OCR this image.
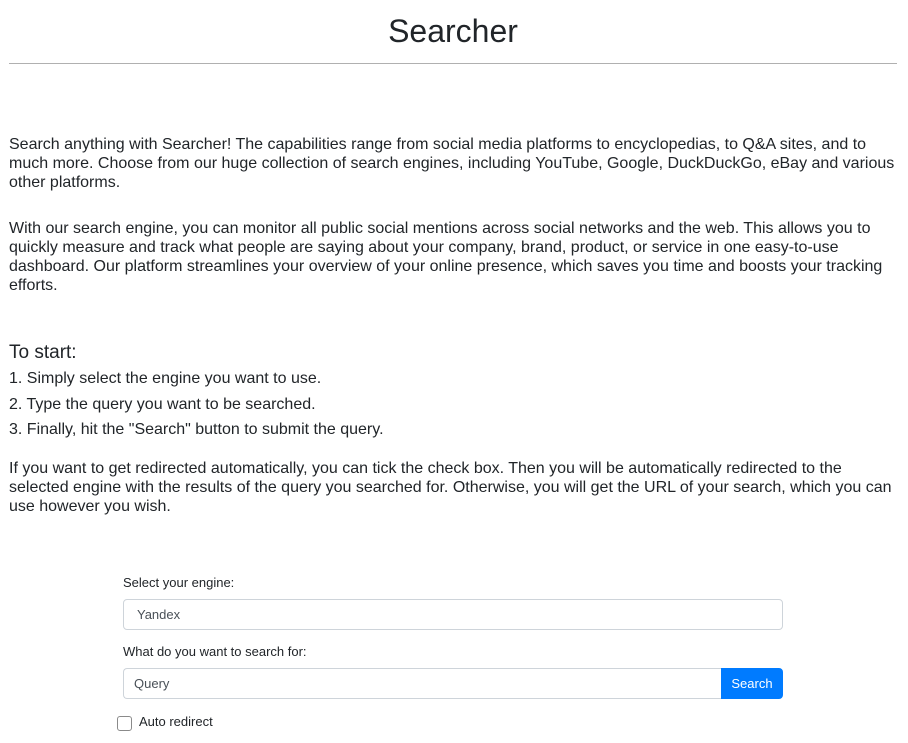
Searcher

Search anything with Searcher! The capabilities range from social media platforms to encyclopedias, to Q&A sites, and to much more. Choose from our huge collection of search engines, including YouTube, Google, DuckDuckGo, eBay and various other platforms.

With our search engine, you can monitor all public social mentions across social networks and the web. This allows you to quickly measure and track what people are saying about your company, brand, product, or service in one easy-to-use dashboard. Our platform streamlines your overview of your online presence, which saves you time and boosts your tracking efforts.

To start:
1. Simply select the engine you want to use.
2. Type the query you want to be searched.
3. Finally, hit the "Search" button to submit the query.

If you want to get redirected automatically, you can tick the check box. Then you will be automatically redirected to the selected engine with the results of the query you searched for. Otherwise, you will get the URL of your search, which you can use however you wish.

Select your engine:
Yandex
What do you want to search for:
Query	Search
Auto redirect
